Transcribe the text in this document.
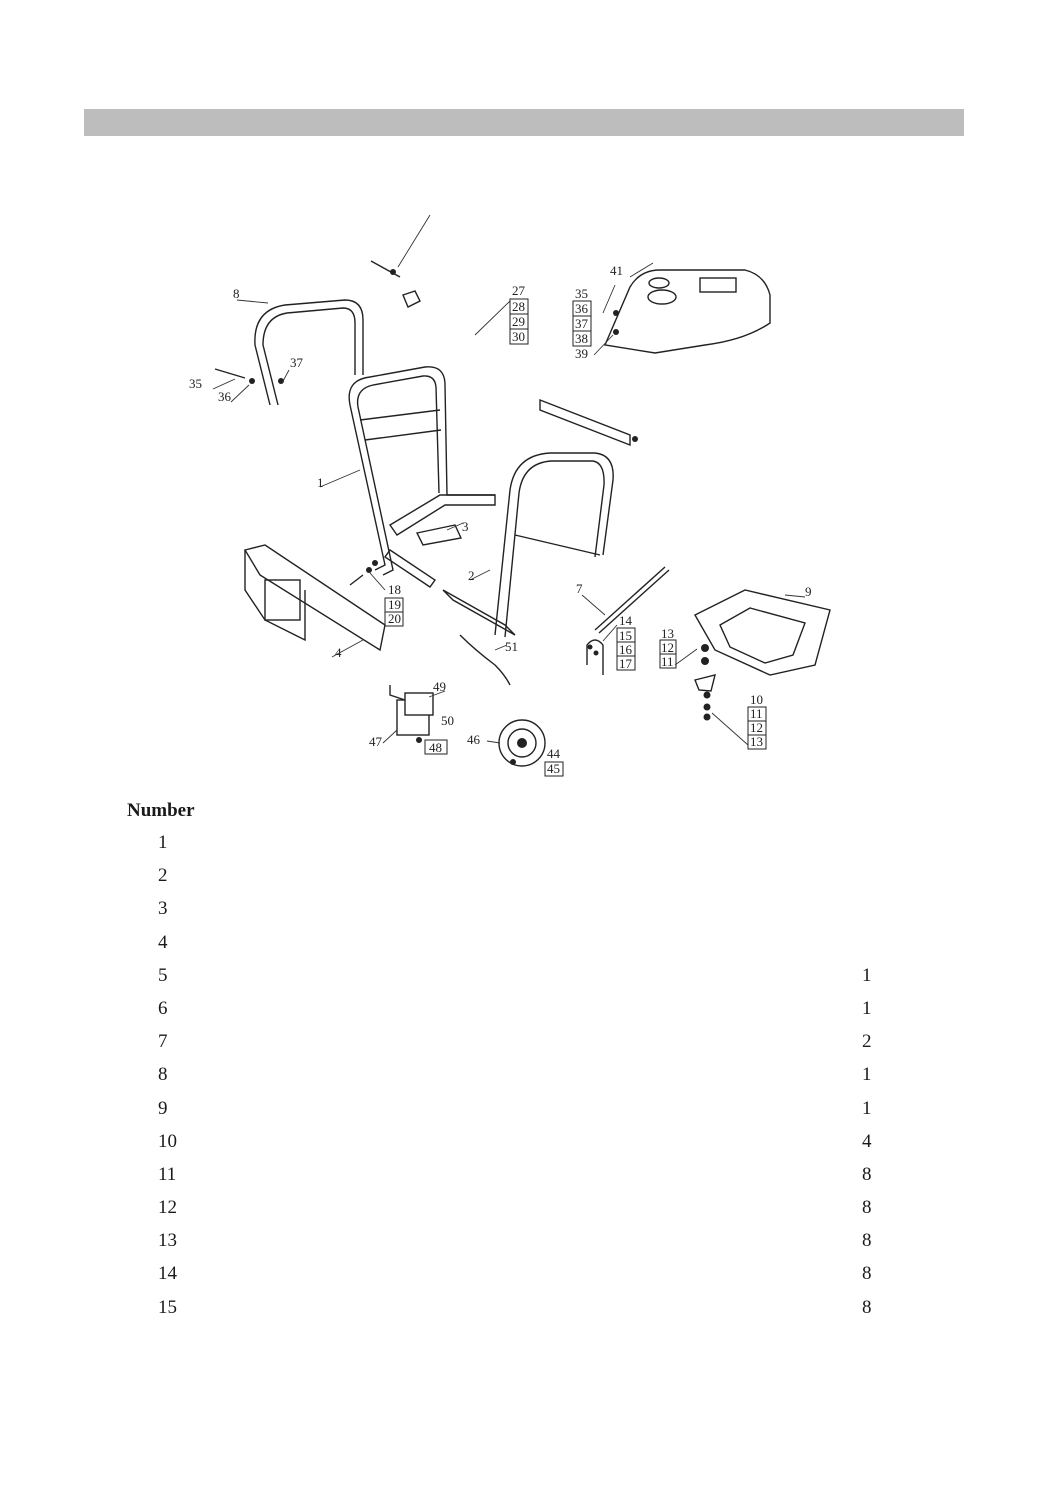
8
35
36
37
27
28
29
30
35
36
37
38
39
41
1
3
2
18
19
20
4
7
14
15
16
17
51
13
12
11
9
10
11
12
13
49
50
47	48
46
44
45
Number
1
2
3
4
5	1
6	1
7	2
8	1
9	1
10	4
11	8
12	8
13	8
14	8
15	8
